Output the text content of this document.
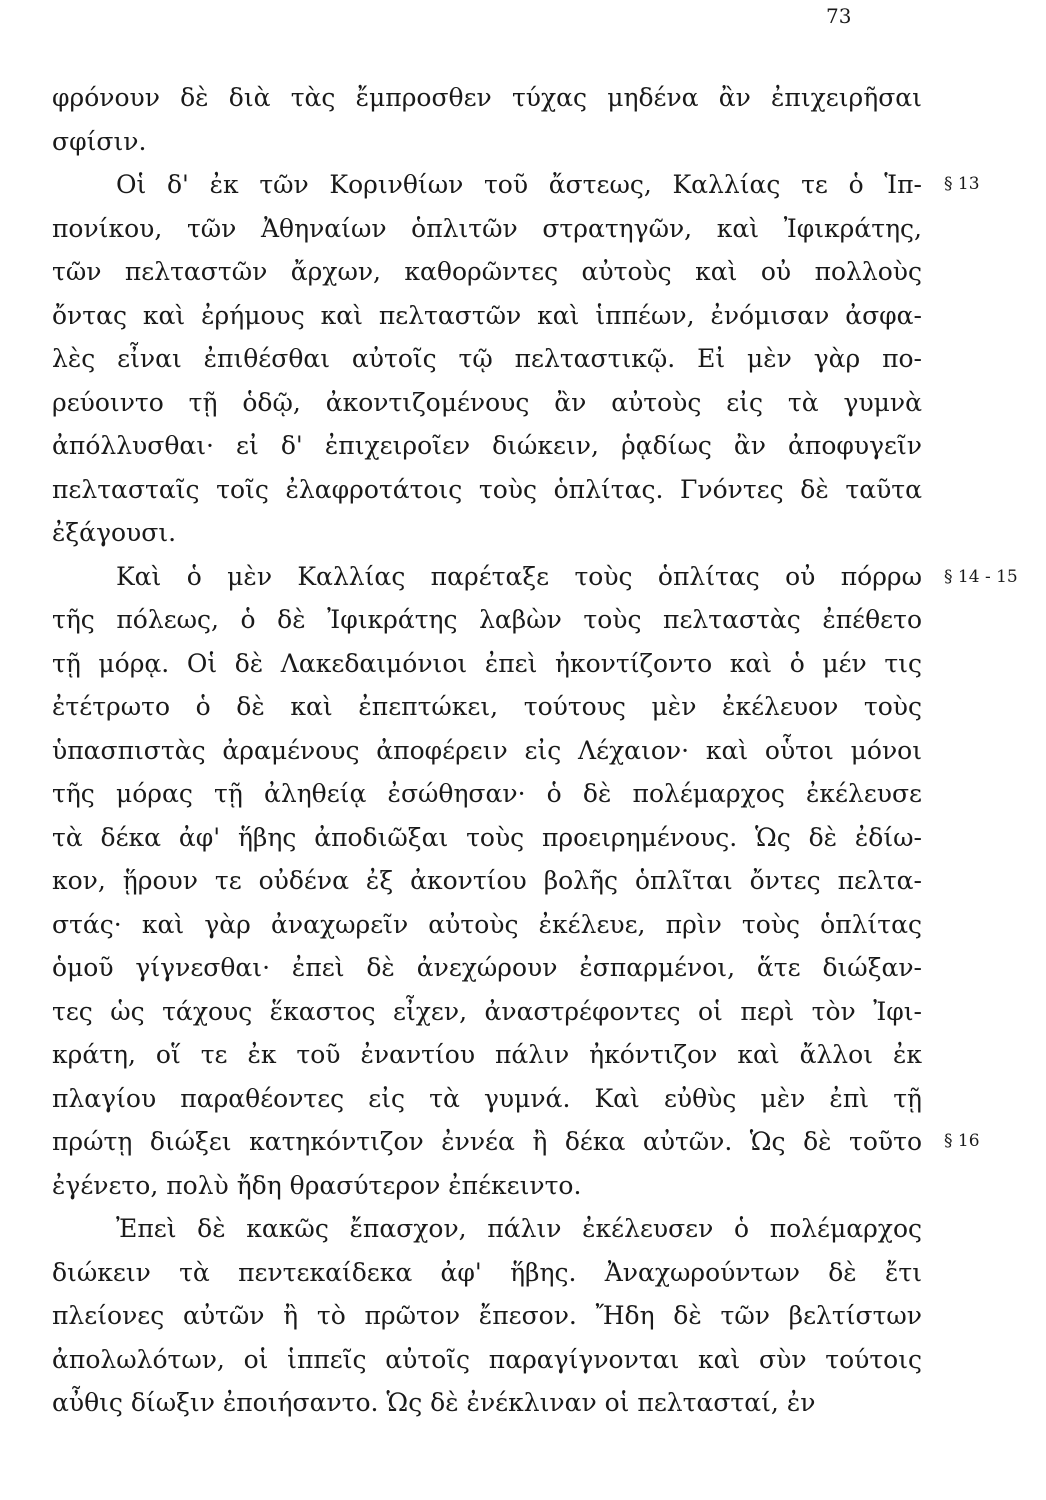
73
φρόνουν δὲ διὰ τὰς ἔμπροσθεν τύχας μηδένα ἂν ἐπιχειρῆσαι
σφίσιν.
Οἱ δ' ἐκ τῶν Κορινθίων τοῦ ἄστεως, Καλλίας τε ὁ Ἱπ-
πονίκου, τῶν Ἀθηναίων ὁπλιτῶν στρατηγῶν, καὶ Ἰφικράτης,
τῶν πελταστῶν ἄρχων, καθορῶντες αὐτοὺς καὶ οὐ πολλοὺς
ὄντας καὶ ἐρήμους καὶ πελταστῶν καὶ ἱππέων, ἐνόμισαν ἀσφα-
λὲς εἶναι ἐπιθέσθαι αὐτοῖς τῷ πελταστικῷ. Εἰ μὲν γὰρ πο-
ρεύοιντο τῇ ὁδῷ, ἀκοντιζομένους ἂν αὐτοὺς εἰς τὰ γυμνὰ
ἀπόλλυσθαι· εἰ δ' ἐπιχειροῖεν διώκειν, ῥᾳδίως ἂν ἀποφυγεῖν
πελτασταῖς τοῖς ἐλαφροτάτοις τοὺς ὁπλίτας. Γνόντες δὲ ταῦτα
ἐξάγουσι.
Καὶ ὁ μὲν Καλλίας παρέταξε τοὺς ὁπλίτας οὐ πόρρω
τῆς πόλεως, ὁ δὲ Ἰφικράτης λαβὼν τοὺς πελταστὰς ἐπέθετο
τῇ μόρᾳ. Οἱ δὲ Λακεδαιμόνιοι ἐπεὶ ἠκοντίζοντο καὶ ὁ μέν τις
ἐτέτρωτο ὁ δὲ καὶ ἐπεπτώκει, τούτους μὲν ἐκέλευον τοὺς
ὑπασπιστὰς ἀραμένους ἀποφέρειν εἰς Λέχαιον· καὶ οὗτοι μόνοι
τῆς μόρας τῇ ἀληθείᾳ ἐσώθησαν· ὁ δὲ πολέμαρχος ἐκέλευσε
τὰ δέκα ἀφ' ἥβης ἀποδιῶξαι τοὺς προειρημένους. Ὡς δὲ ἐδίω-
κον, ᾕρουν τε οὐδένα ἐξ ἀκοντίου βολῆς ὁπλῖται ὄντες πελτα-
στάς· καὶ γὰρ ἀναχωρεῖν αὐτοὺς ἐκέλευε, πρὶν τοὺς ὁπλίτας
ὁμοῦ γίγνεσθαι· ἐπεὶ δὲ ἀνεχώρουν ἐσπαρμένοι, ἅτε διώξαν-
τες ὡς τάχους ἕκαστος εἶχεν, ἀναστρέφοντες οἱ περὶ τὸν Ἰφι-
κράτη, οἵ τε ἐκ τοῦ ἐναντίου πάλιν ἠκόντιζον καὶ ἄλλοι ἐκ
πλαγίου παραθέοντες εἰς τὰ γυμνά. Καὶ εὐθὺς μὲν ἐπὶ τῇ
πρώτῃ διώξει κατηκόντιζον ἐννέα ἢ δέκα αὐτῶν. Ὡς δὲ τοῦτο
ἐγένετο, πολὺ ἤδη θρασύτερον ἐπέκειντο.
Ἐπεὶ δὲ κακῶς ἔπασχον, πάλιν ἐκέλευσεν ὁ πολέμαρχος
διώκειν τὰ πεντεκαίδεκα ἀφ' ἥβης. Ἀναχωρούντων δὲ ἔτι
πλείονες αὐτῶν ἢ τὸ πρῶτον ἔπεσον. Ἤδη δὲ τῶν βελτίστων
ἀπολωλότων, οἱ ἱππεῖς αὐτοῖς παραγίγνονται καὶ σὺν τούτοις
αὖθις δίωξιν ἐποιήσαντο. Ὡς δὲ ἐνέκλιναν οἱ πελτασταί, ἐν
§ 13
§ 14 - 15
§ 16
